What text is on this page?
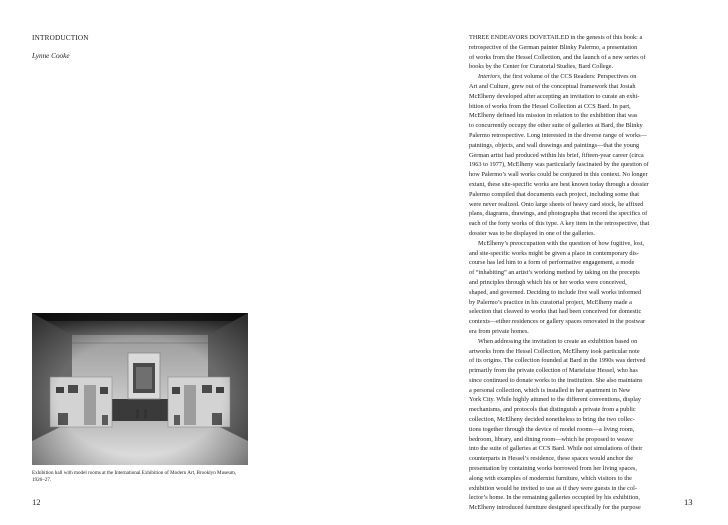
INTRODUCTION
Lynne Cooke
Exhibition hall with model rooms at the International Exhibition of Modern Art, Brooklyn Museum,
1926–27.
12
THREE ENDEAVORS DOVETAILED in the genesis of this book: a
retrospective of the German painter Blinky Palermo, a presentation
of works from the Hessel Collection, and the launch of a new series of
books by the Center for Curatorial Studies, Bard College.
Interiors, the first volume of the CCS Readers: Perspectives on
Art and Culture, grew out of the conceptual framework that Josiah
McElheny developed after accepting an invitation to curate an exhi-
bition of works from the Hessel Collection at CCS Bard. In part,
McElheny defined his mission in relation to the exhibition that was
to concurrently occupy the other suite of galleries at Bard, the Blinky
Palermo retrospective. Long interested in the diverse range of works—
paintings, objects, and wall drawings and paintings—that the young
German artist had produced within his brief, fifteen-year career (circa
1963 to 1977), McElheny was particularly fascinated by the question of
how Palermo’s wall works could be conjured in this context. No longer
extant, these site-specific works are best known today through a dossier
Palermo compiled that documents each project, including some that
were never realized. Onto large sheets of heavy card stock, he affixed
plans, diagrams, drawings, and photographs that record the specifics of
each of the forty works of this type. A key item in the retrospective, that
dossier was to be displayed in one of the galleries.
McElheny’s preoccupation with the question of how fugitive, lost,
and site-specific works might be given a place in contemporary dis-
course has led him to a form of performative engagement, a mode
of “inhabiting” an artist’s working method by taking on the precepts
and principles through which his or her works were conceived,
shaped, and governed. Deciding to include five wall works informed
by Palermo’s practice in his curatorial project, McElheny made a
selection that cleaved to works that had been conceived for domestic
contexts—either residences or gallery spaces renovated in the postwar
era from private homes.
When addressing the invitation to create an exhibition based on
artworks from the Hessel Collection, McElheny took particular note
of its origins. The collection founded at Bard in the 1990s was derived
primarily from the private collection of Marieluise Hessel, who has
since continued to donate works to the institution. She also maintains
a personal collection, which is installed in her apartment in New
York City. While highly attuned to the different conventions, display
mechanisms, and protocols that distinguish a private from a public
collection, McElheny decided nonetheless to bring the two collec-
tions together through the device of model rooms—a living room,
bedroom, library, and dining room—which he proposed to weave
into the suite of galleries at CCS Bard. While not simulations of their
counterparts in Hessel’s residence, these spaces would anchor the
presentation by containing works borrowed from her living spaces,
along with examples of modernist furniture, which visitors to the
exhibition would be invited to use as if they were guests in the col-
lector’s home. In the remaining galleries occupied by his exhibition,
McElheny introduced furniture designed specifically for the purpose
13
